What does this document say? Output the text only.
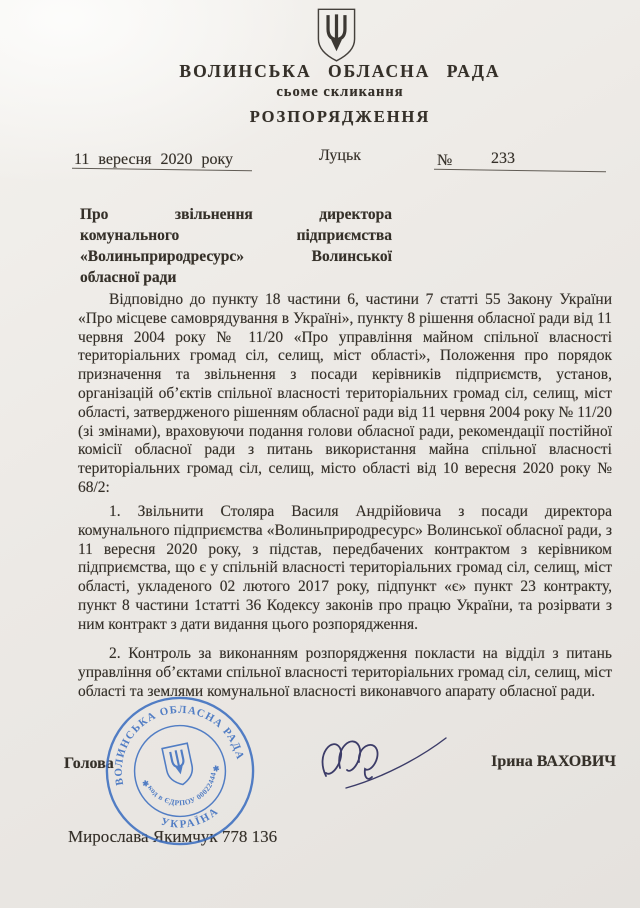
ВОЛИНСЬКА ОБЛАСНА РАДА
сьоме скликання
РОЗПОРЯДЖЕННЯ
11 вересня 2020 року	Луцьк	№ 233
Про звільнення директора
комунального підприємства
«Волиньприродресурс» Волинської
обласної ради

Відповідно до пункту 18 частини 6, частини 7 статті 55 Закону України «Про місцеве самоврядування в Україні», пункту 8 рішення обласної ради від 11 червня 2004 року № 11/20 «Про управління майном спільної власності територіальних громад сіл, селищ, міст області», Положення про порядок призначення та звільнення з посади керівників підприємств, установ, організацій об’єктів спільної власності територіальних громад сіл, селищ, міст області, затвердженого рішенням обласної ради від 11 червня 2004 року № 11/20 (зі змінами), враховуючи подання голови обласної ради, рекомендації постійної комісії обласної ради з питань використання майна спільної власності територіальних громад сіл, селищ, місто області від 10 вересня 2020 року № 68/2:

1. Звільнити Столяра Василя Андрійовича з посади директора комунального підприємства «Волиньприродресурс» Волинської обласної ради, з 11 вересня 2020 року, з підстав, передбачених контрактом з керівником підприємства, що є у спільній власності територіальних громад сіл, селищ, міст області, укладеного 02 лютого 2017 року, підпункт «є» пункт 23 контракту, пункт 8 частини 1статті 36 Кодексу законів про працю України, та розірвати з ним контракт з дати видання цього розпорядження.

2. Контроль за виконанням розпорядження покласти на відділ з питань управління об’єктами спільної власності територіальних громад сіл, селищ, міст області та землями комунальної власності виконавчого апарату обласної ради.

Голова	Ірина ВАХОВИЧ
ВОЛИНСЬКА ОБЛАСНА РАДА
УКРАЇНА
код в ЄДРПОУ 00022444
✱
✱
Мирослава Якимчук 778 136
